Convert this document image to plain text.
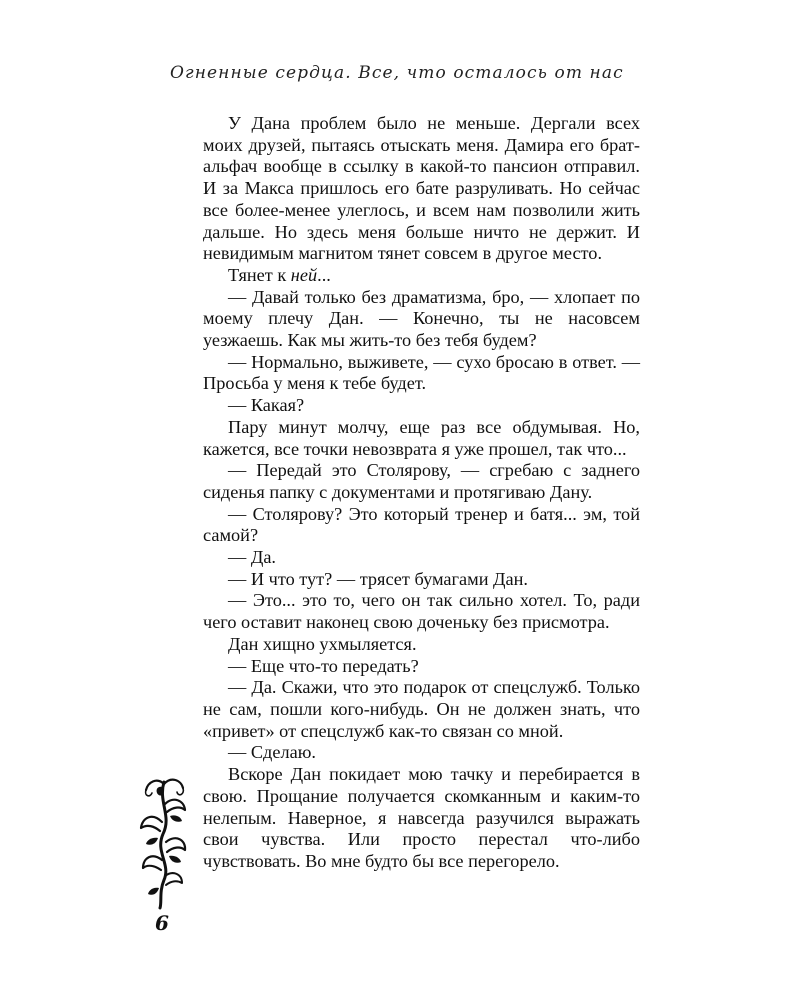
Огненные сердца. Все, что осталось от нас

У Дана проблем было не меньше. Дергали всех моих друзей, пытаясь отыскать меня. Дамира его брат-альфач вообще в ссылку в какой-то пансион отправил. И за Макса пришлось его бате разруливать. Но сейчас все более-менее улеглось, и всем нам позволили жить дальше. Но здесь меня больше ничто не держит. И невидимым магнитом тянет совсем в другое место.

Тянет к ней...

— Давай только без драматизма, бро, — хлопает по моему плечу Дан. — Конечно, ты не насовсем уезжаешь. Как мы жить-то без тебя будем?

— Нормально, выживете, — сухо бросаю в ответ. — Просьба у меня к тебе будет.

— Какая?

Пару минут молчу, еще раз все обдумывая. Но, кажется, все точки невозврата я уже прошел, так что...

— Передай это Столярову, — сгребаю с заднего сиденья папку с документами и протягиваю Дану.

— Столярову? Это который тренер и батя... эм, той самой?

— Да.

— И что тут? — трясет бумагами Дан.

— Это... это то, чего он так сильно хотел. То, ради чего оставит наконец свою доченьку без присмотра.

Дан хищно ухмыляется.

— Еще что-то передать?

— Да. Скажи, что это подарок от спецслужб. Только не сам, пошли кого-нибудь. Он не должен знать, что «привет» от спецслужб как-то связан со мной.

— Сделаю.

Вскоре Дан покидает мою тачку и перебирается в свою. Прощание получается скомканным и каким-то нелепым. Наверное, я навсегда разучился выражать свои чувства. Или просто перестал что-либо чувствовать. Во мне будто бы все перегорело.

6
